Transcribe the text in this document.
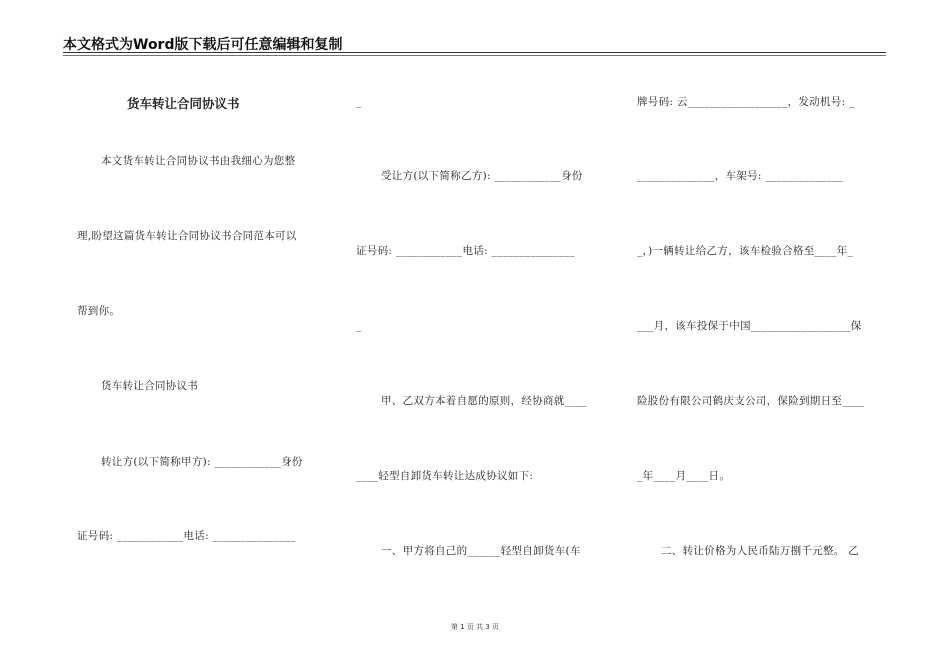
本文格式为Word版下载后可任意编辑和复制
货车转让合同协议书
本文货车转让合同协议书由我细心为您整
理,盼望这篇货车转让合同协议书合同范本可以
帮到你。
货车转让合同协议书
转让方(以下简称甲方): ____________身份
证号码: ____________电话: _______________
_
受让方(以下简称乙方): ____________身份
证号码: ____________电话: _______________
_
甲、乙双方本着自愿的原则，经协商就____
____轻型自卸货车转让达成协议如下:
一、甲方将自己的______轻型自卸货车(车
牌号码: 云__________________，发动机号: _
______________，车架号: ______________
_，)一辆转让给乙方，该车检验合格至____年_
___月，该车投保于中国__________________保
险股份有限公司鹤庆支公司，保险到期日至____
_年____月____日。
二、转让价格为人民币陆万捌千元整。 乙
第 1 页 共 3 页
